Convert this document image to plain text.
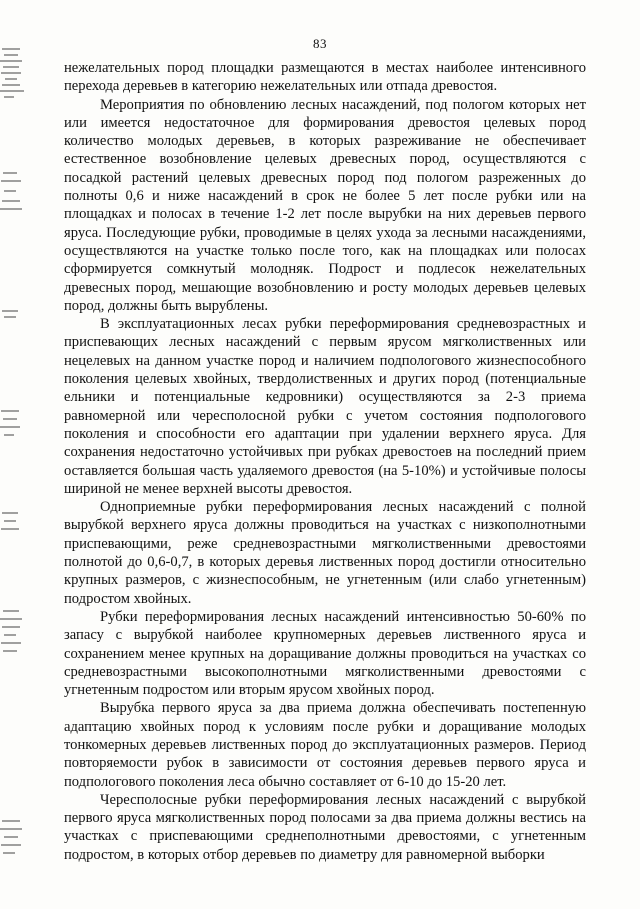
83

нежелательных пород площадки размещаются в местах наиболее интенсивного перехода деревьев в категорию нежелательных или отпада древостоя.

Мероприятия по обновлению лесных насаждений, под пологом которых нет или имеется недостаточное для формирования древостоя целевых пород количество молодых деревьев, в которых разреживание не обеспечивает естественное возобновление целевых древесных пород, осуществляются с посадкой растений целевых древесных пород под пологом разреженных до полноты 0,6 и ниже насаждений в срок не более 5 лет после рубки или на площадках и полосах в течение 1-2 лет после вырубки на них деревьев первого яруса. Последующие рубки, проводимые в целях ухода за лесными насаждениями, осуществляются на участке только после того, как на площадках или полосах сформируется сомкнутый молодняк. Подрост и подлесок нежелательных древесных пород, мешающие возобновлению и росту молодых деревьев целевых пород, должны быть вырублены.

В эксплуатационных лесах рубки переформирования средневозрастных и приспевающих лесных насаждений с первым ярусом мягколиственных или нецелевых на данном участке пород и наличием подпологового жизнеспособного поколения целевых хвойных, твердолиственных и других пород (потенциальные ельники и потенциальные кедровники) осуществляются за 2-3 приема равномерной или чересполосной рубки с учетом состояния подпологового поколения и способности его адаптации при удалении верхнего яруса. Для сохранения недостаточно устойчивых при рубках древостоев на последний прием оставляется большая часть удаляемого древостоя (на 5-10%) и устойчивые полосы шириной не менее верхней высоты древостоя.

Одноприемные рубки переформирования лесных насаждений с полной вырубкой верхнего яруса должны проводиться на участках с низкополнотными приспевающими, реже средневозрастными мягколиственными древостоями полнотой до 0,6-0,7, в которых деревья лиственных пород достигли относительно крупных размеров, с жизнеспособным, не угнетенным (или слабо угнетенным) подростом хвойных.

Рубки переформирования лесных насаждений интенсивностью 50-60% по запасу с вырубкой наиболее крупномерных деревьев лиственного яруса и сохранением менее крупных на доращивание должны проводиться на участках со средневозрастными высокополнотными мягколиственными древостоями с угнетенным подростом или вторым ярусом хвойных пород.

Вырубка первого яруса за два приема должна обеспечивать постепенную адаптацию хвойных пород к условиям после рубки и доращивание молодых тонкомерных деревьев лиственных пород до эксплуатационных размеров. Период повторяемости рубок в зависимости от состояния деревьев первого яруса и подпологового поколения леса обычно составляет от 6-10 до 15-20 лет.

Чересполосные рубки переформирования лесных насаждений с вырубкой первого яруса мягколиственных пород полосами за два приема должны вестись на участках с приспевающими среднеполнотными древостоями, с угнетенным подростом, в которых отбор деревьев по диаметру для равномерной выборки
